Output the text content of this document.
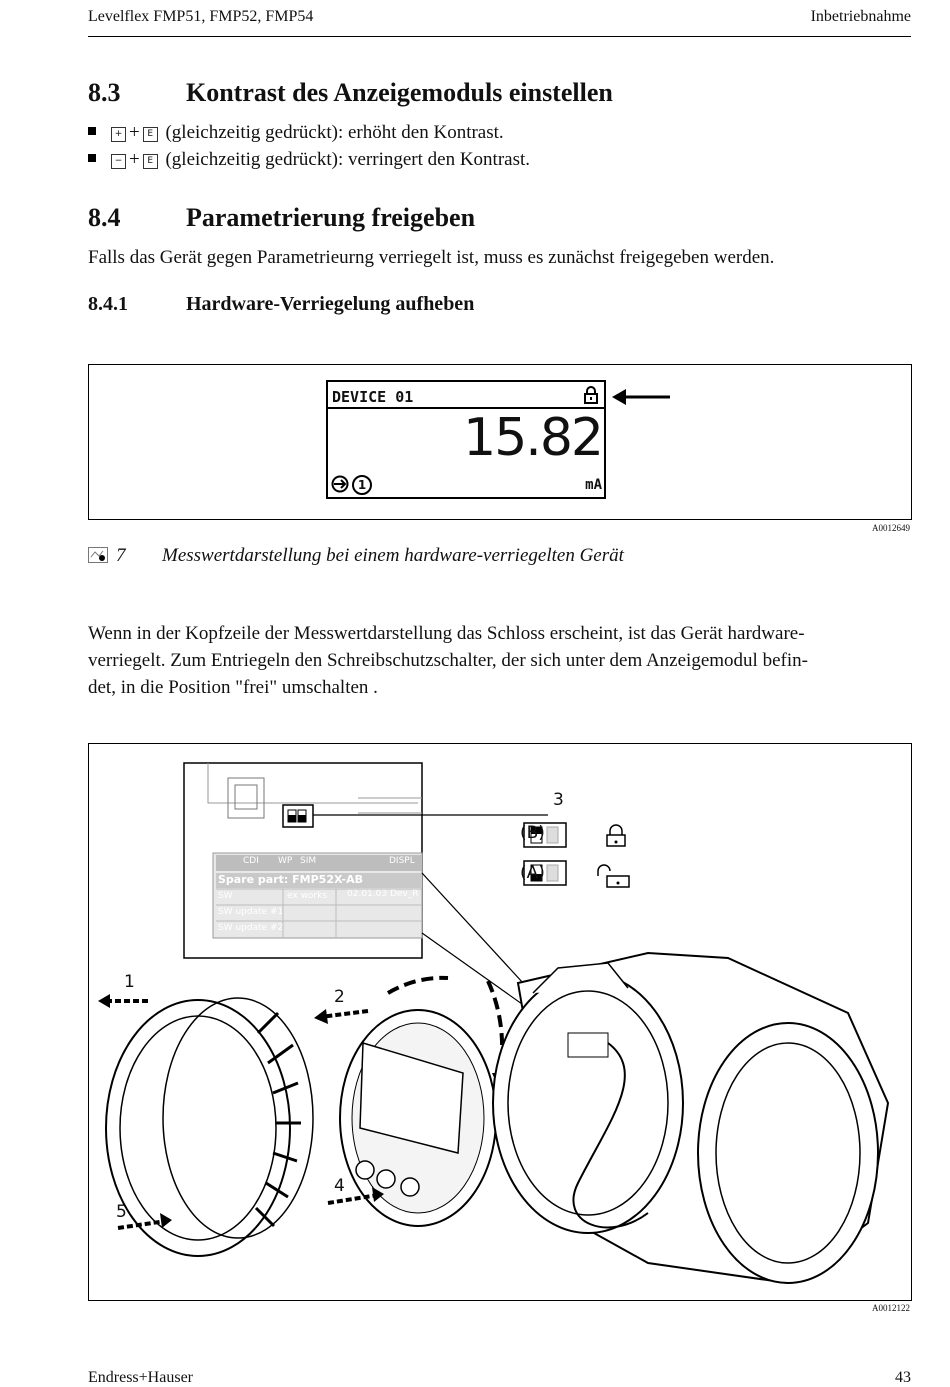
Levelflex FMP51, FMP52, FMP54	Inbetriebnahme
8.3	Kontrast des Anzeigemoduls einstellen
+ + E (gleichzeitig gedrückt): erhöht den Kontrast.
− + E (gleichzeitig gedrückt): verringert den Kontrast.
8.4	Parametrierung freigeben
Falls das Gerät gegen Parametrieurng verriegelt ist, muss es zunächst freigegeben werden.
8.4.1	Hardware-Verriegelung aufheben
DEVICE 01
15.82
1	mA
A0012649
7 Messwertdarstellung bei einem hardware-verriegelten Gerät
Wenn in der Kopfzeile der Messwertdarstellung das Schloss erscheint, ist das Gerät hardware-
verriegelt. Zum Entriegeln den Schreibschutzschalter, der sich unter dem Anzeigemodul befin-
det, in die Position "frei" umschalten .
3
(B)
(A)
1
2
4
5
CDI WP SIM	DISPL
Spare part: FMP52X-AB
SW	ex works 02.01.03 Dev_R
SW update #1
SW update #2
A0012122
Endress+Hauser	43
